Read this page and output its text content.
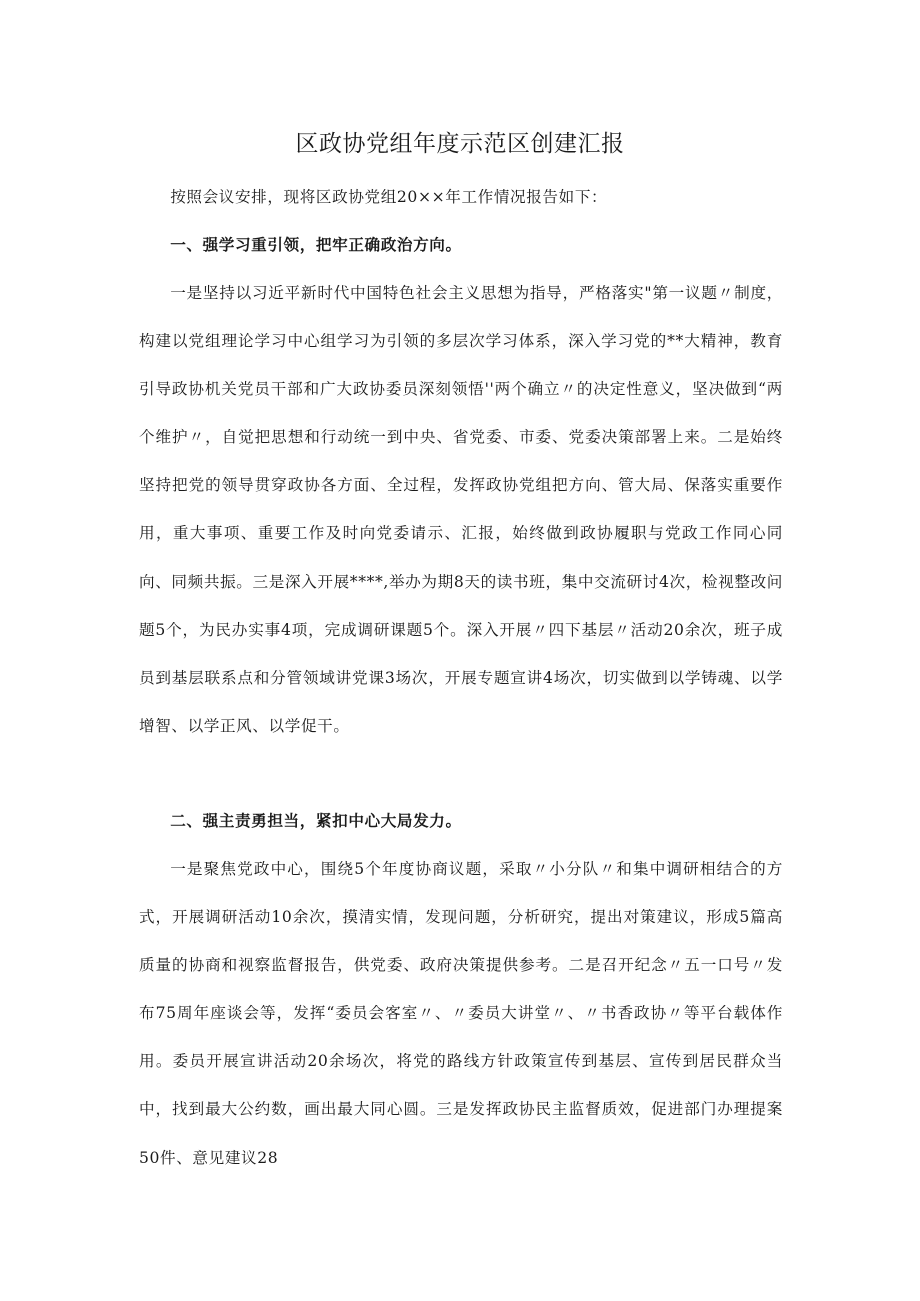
区政协党组年度示范区创建汇报

按照会议安排，现将区政协党组20××年工作情况报告如下：

一、强学习重引领，把牢正确政治方向。

一是坚持以习近平新时代中国特色社会主义思想为指导，严格落实"第一议题〃制度，构建以党组理论学习中心组学习为引领的多层次学习体系，深入学习党的**大精神，教育引导政协机关党员干部和广大政协委员深刻领悟''两个确立〃的决定性意义，坚决做到“两个维护〃，自觉把思想和行动统一到中央、省党委、市委、党委决策部署上来。二是始终坚持把党的领导贯穿政协各方面、全过程，发挥政协党组把方向、管大局、保落实重要作用，重大事项、重要工作及时向党委请示、汇报，始终做到政协履职与党政工作同心同向、同频共振。三是深入开展****,举办为期8天的读书班，集中交流研讨4次，检视整改问题5个，为民办实事4项，完成调研课题5个。深入开展〃四下基层〃活动20余次，班子成员到基层联系点和分管领域讲党课3场次，开展专题宣讲4场次，切实做到以学铸魂、以学增智、以学正风、以学促干。

二、强主责勇担当，紧扣中心大局发力。

一是聚焦党政中心，围绕5个年度协商议题，采取〃小分队〃和集中调研相结合的方式，开展调研活动10余次，摸清实情，发现问题，分析研究，提出对策建议，形成5篇高质量的协商和视察监督报告，供党委、政府决策提供参考。二是召开纪念〃五一口号〃发布75周年座谈会等，发挥“委员会客室〃、〃委员大讲堂〃、〃书香政协〃等平台载体作用。委员开展宣讲活动20余场次，将党的路线方针政策宣传到基层、宣传到居民群众当中，找到最大公约数，画出最大同心圆。三是发挥政协民主监督质效，促进部门办理提案50件、意见建议28
